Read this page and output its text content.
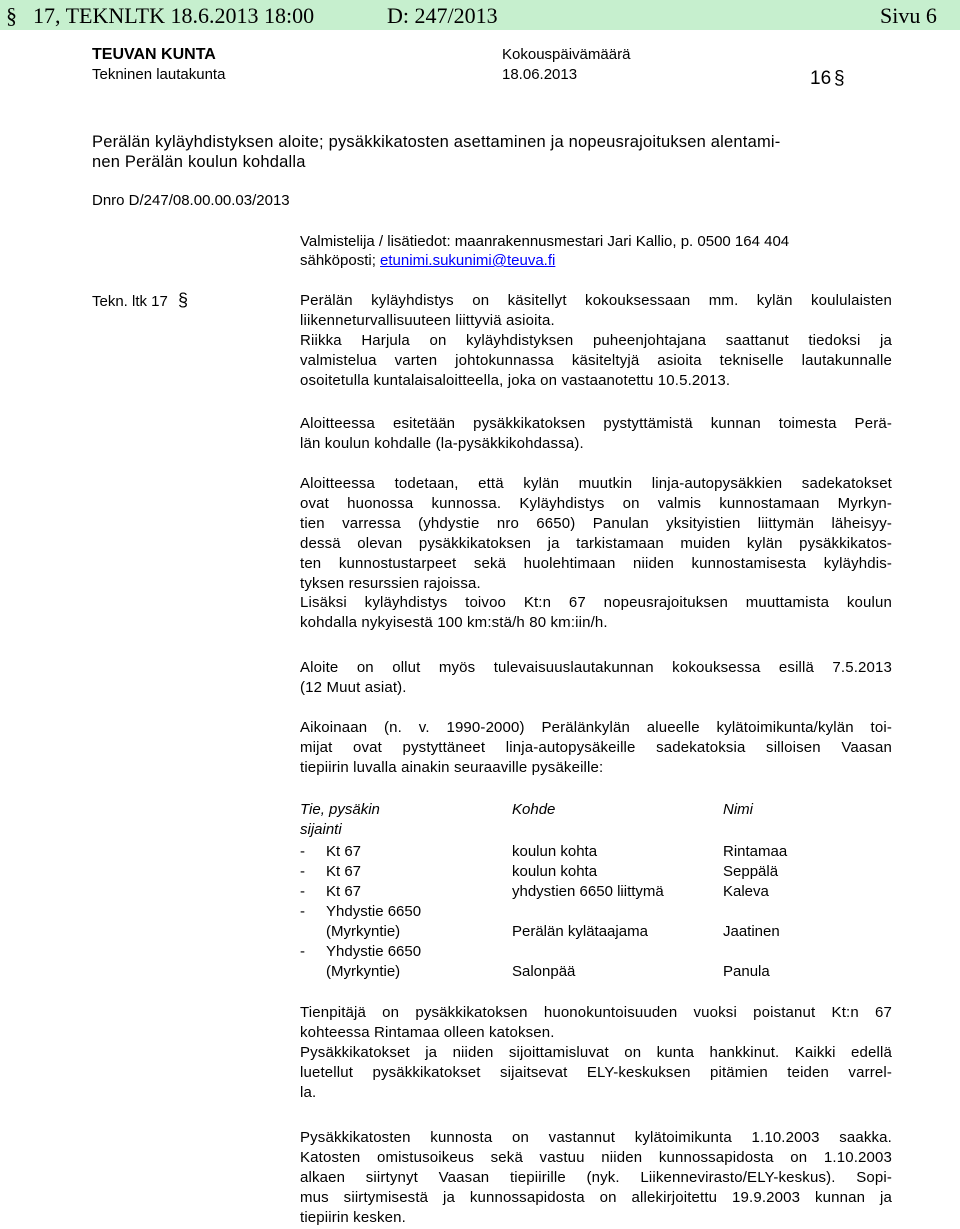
§ 17, TEKNLTK 18.6.2013 18:00	D: 247/2013	Sivu 6
TEUVAN KUNTA
Tekninen lautakunta
Kokouspäivämäärä
18.06.2013	16 §
Perälän kyläyhdistyksen aloite; pysäkkikatosten asettaminen ja nopeusrajoituksen alentami-
nen Perälän koulun kohdalla
Dnro D/247/08.00.00.03/2013
Valmistelija / lisätiedot: maanrakennusmestari Jari Kallio, p. 0500 164 404
sähköposti; etunimi.sukunimi@teuva.fi
Tekn. ltk 17 §	Perälän kyläyhdistys on käsitellyt kokouksessaan mm. kylän koululaisten
liikenneturvallisuuteen liittyviä asioita.
Riikka Harjula on kyläyhdistyksen puheenjohtajana saattanut tiedoksi ja
valmistelua varten johtokunnassa käsiteltyjä asioita tekniselle lautakunnalle
osoitetulla kuntalaisaloitteella, joka on vastaanotettu 10.5.2013.
Aloitteessa esitetään pysäkkikatoksen pystyttämistä kunnan toimesta Perä-
län koulun kohdalle (la-pysäkkikohdassa).
Aloitteessa todetaan, että kylän muutkin linja-autopysäkkien sadekatokset
ovat huonossa kunnossa. Kyläyhdistys on valmis kunnostamaan Myrkyn-
tien varressa (yhdystie nro 6650) Panulan yksityistien liittymän läheisyy-
dessä olevan pysäkkikatoksen ja tarkistamaan muiden kylän pysäkkikatos-
ten kunnostustarpeet sekä huolehtimaan niiden kunnostamisesta kyläyhdis-
tyksen resurssien rajoissa.
Lisäksi kyläyhdistys toivoo Kt:n 67 nopeusrajoituksen muuttamista koulun
kohdalla nykyisestä 100 km:stä/h 80 km:iin/h.
Aloite on ollut myös tulevaisuuslautakunnan kokouksessa esillä 7.5.2013
(12 Muut asiat).
Aikoinaan (n. v. 1990-2000) Perälänkylän alueelle kylätoimikunta/kylän toi-
mijat ovat pystyttäneet linja-autopysäkeille sadekatoksia silloisen Vaasan
tiepiirin luvalla ainakin seuraaville pysäkeille:
Tie, pysäkin
sijainti
Kohde	Nimi
- Kt 67	koulun kohta	Rintamaa
- Kt 67	koulun kohta	Seppälä
- Kt 67	yhdystien 6650 liittymä	Kaleva
- Yhdystie 6650
(Myrkyntie)	Perälän kylätaajama	Jaatinen
- Yhdystie 6650
(Myrkyntie)	Salonpää	Panula
Tienpitäjä on pysäkkikatoksen huonokuntoisuuden vuoksi poistanut Kt:n 67
kohteessa Rintamaa olleen katoksen.
Pysäkkikatokset ja niiden sijoittamisluvat on kunta hankkinut. Kaikki edellä
luetellut pysäkkikatokset sijaitsevat ELY-keskuksen pitämien teiden varrel-
la.
Pysäkkikatosten kunnosta on vastannut kylätoimikunta 1.10.2003 saakka.
Katosten omistusoikeus sekä vastuu niiden kunnossapidosta on 1.10.2003
alkaen siirtynyt Vaasan tiepiirille (nyk. Liikennevirasto/ELY-keskus). Sopi-
mus siirtymisestä ja kunnossapidosta on allekirjoitettu 19.9.2003 kunnan ja
tiepiirin kesken.
